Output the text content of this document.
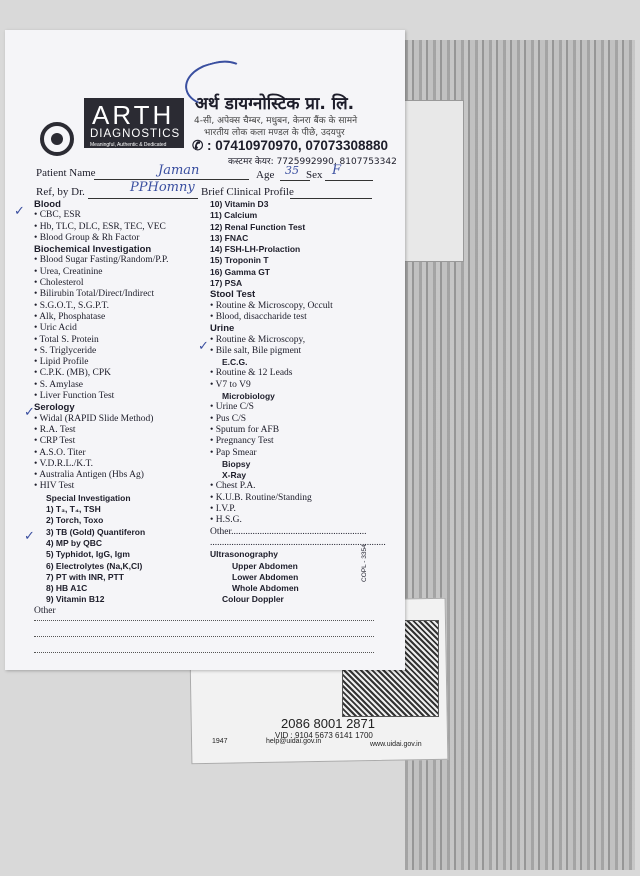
2086 8001 2871
VID : 9104 5673 6141 1700
1947	help@uidai.gov.in	www.uidai.gov.in
ARTH
DIAGNOSTICS
Meaningful, Authentic & Dedicated
अर्थ डायग्नोस्टिक प्रा. लि.
4-सी, अपेक्स चैम्बर, मधुबन, केनरा बैंक के सामने
भारतीय लोक कला मण्डल के पीछे, उदयपुर
✆ : 07410970970, 07073308880
कस्टमर केयर: 7725992990, 8107753342
Patient Name	Jaman	Age 35 Sex F
Ref, by Dr.	PPHomny Brief Clinical Profile
Blood
• CBC, ESR
• Hb, TLC, DLC, ESR, TEC, VEC
• Blood Group & Rh Factor
Biochemical Investigation
• Blood Sugar Fasting/Random/P.P.
• Urea, Creatinine
• Cholesterol
• Bilirubin Total/Direct/Indirect
• S.G.O.T., S.G.P.T.
• Alk, Phosphatase
• Uric Acid
• Total S. Protein
• S. Triglyceride
• Lipid Profile
• C.P.K. (MB), CPK
• S. Amylase
• Liver Function Test
Serology
• Widal (RAPID Slide Method)
• R.A. Test
• CRP Test
• A.S.O. Titer
• V.D.R.L./K.T.
• Australia Antigen (Hbs Ag)
• HIV Test
Special Investigation
1) T₃, T₄, TSH
2) Torch, Toxo
3) TB (Gold) Quantiferon
4) MP by QBC
5) Typhidot, IgG, Igm
6) Electrolytes (Na,K,Cl)
7) PT with INR, PTT
8) HB A1C
9) Vitamin B12
Other
10) Vitamin D3
11) Calcium
12) Renal Function Test
13) FNAC
14) FSH-LH-Prolaction
15) Troponin T
16) Gamma GT
17) PSA
Stool Test
• Routine & Microscopy, Occult
• Blood, disaccharide test
Urine
• Routine & Microscopy,
• Bile salt, Bile pigment
E.C.G.
• Routine & 12 Leads
• V7 to V9
Microbiology
• Urine C/S
• Pus C/S
• Sputum for AFB
• Pregnancy Test
• Pap Smear
Biopsy
X-Ray
• Chest P.A.
• K.U.B. Routine/Standing
• I.V.P.
• H.S.G.
Other.........................................................
..........................................................................
Ultrasonography
Upper Abdomen
Lower Abdomen
Whole Abdomen
Colour Doppler
COPL - 3354
✓
✓
✓
✓
